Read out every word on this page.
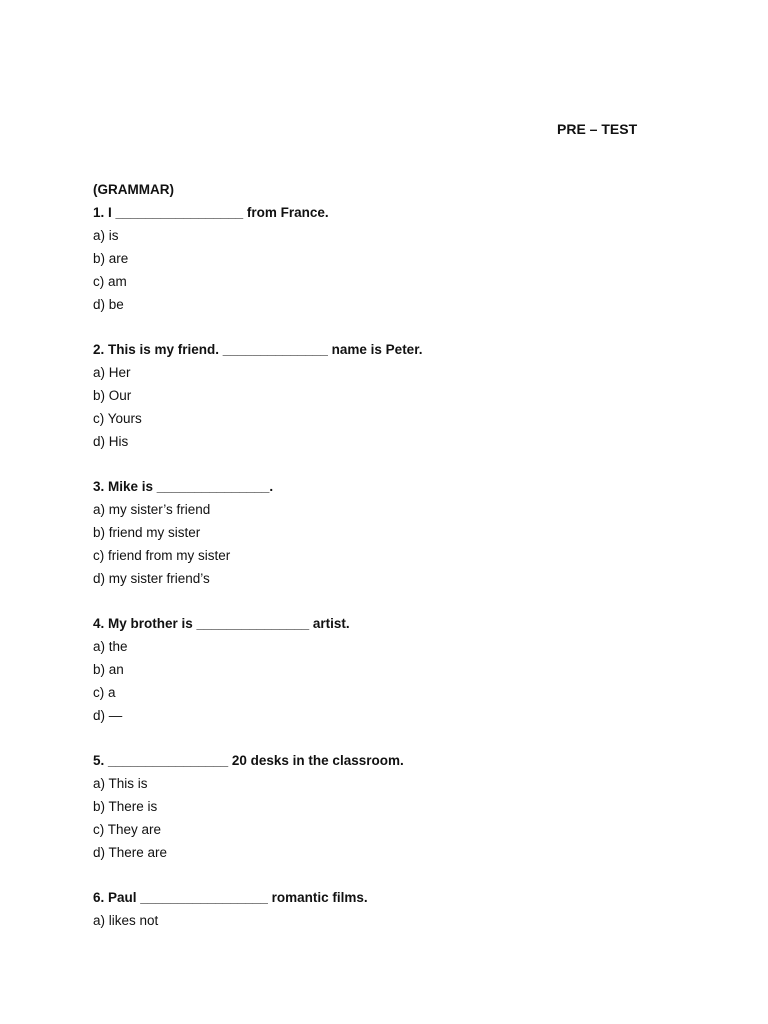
PRE – TEST
(GRAMMAR)
1. I _________________ from France.
a) is
b) are
c) am
d) be
2. This is my friend. ______________ name is Peter.
a) Her
b) Our
c) Yours
d) His
3. Mike is _______________.
a) my sister’s friend
b) friend my sister
c) friend from my sister
d) my sister friend’s
4. My brother is _______________ artist.
a) the
b) an
c) a
d) —
5. ________________ 20 desks in the classroom.
a) This is
b) There is
c) They are
d) There are
6. Paul _________________ romantic films.
a) likes not
